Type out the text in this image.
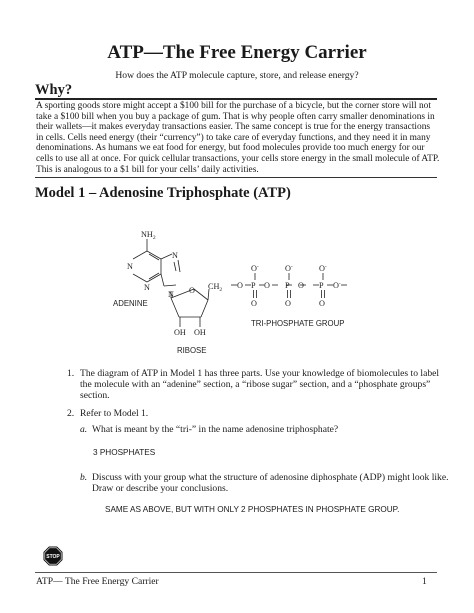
ATP—The Free Energy Carrier
How does the ATP molecule capture, store, and release energy?
Why?
A sporting goods store might accept a $100 bill for the purchase of a bicycle, but the corner store will not
take a $100 bill when you buy a package of gum. That is why people often carry smaller denominations in
their wallets—it makes everyday transactions easier. The same concept is true for the energy transactions
in cells. Cells need energy (their “currency”) to take care of everyday functions, and they need it in many
denominations. As humans we eat food for energy, but food molecules provide too much energy for our
cells to use all at once. For quick cellular transactions, your cells store energy in the small molecule of ATP.
This is analogous to a $1 bill for your cells’ daily activities.
Model 1 – Adenosine Triphosphate (ATP)
$NH_2$
N
N
N
N O $CH_2$ O P O P O P O-
O-	O-	O-
O	O	O
OH OH
ADENINE
TRI-PHOSPHATE GROUP
RIBOSE
1. The diagram of ATP in Model 1 has three parts. Use your knowledge of biomolecules to label
the molecule with an “adenine” section, a “ribose sugar” section, and a “phosphate groups”
section.
2. Refer to Model 1.
a. What is meant by the “tri-” in the name adenosine triphosphate?
3 PHOSPHATES
b. Discuss with your group what the structure of adenosine diphosphate (ADP) might look like.
Draw or describe your conclusions.
SAME AS ABOVE, BUT WITH ONLY 2 PHOSPHATES IN PHOSPHATE GROUP.
STOP
ATP— The Free Energy Carrier	1
